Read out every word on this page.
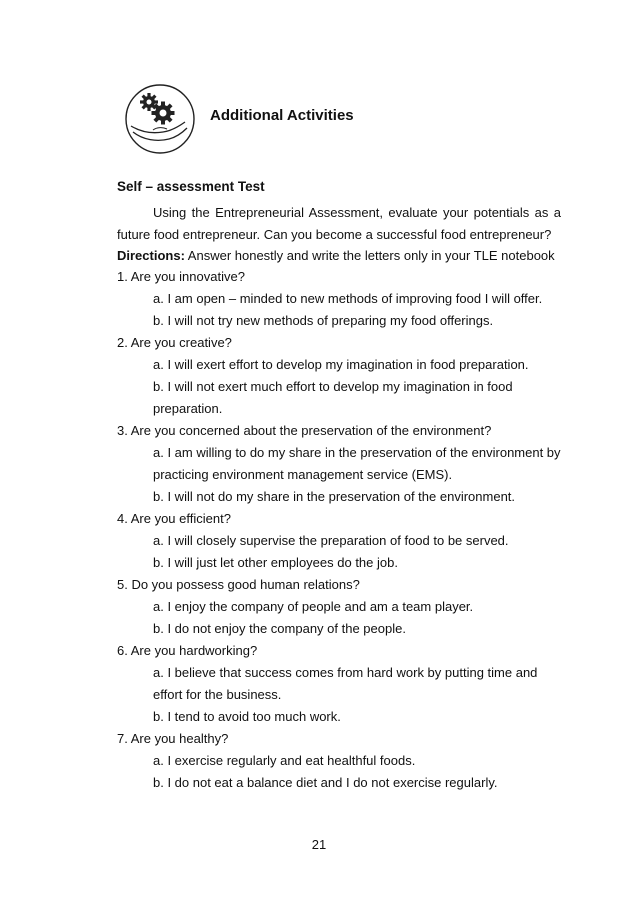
Additional Activities
Self – assessment Test

Using the Entrepreneurial Assessment, evaluate your potentials as a future food entrepreneur. Can you become a successful food entrepreneur?

Directions: Answer honestly and write the letters only in your TLE notebook
1. Are you innovative?
a. I am open – minded to new methods of improving food I will offer.
b. I will not try new methods of preparing my food offerings.
2. Are you creative?
a. I will exert effort to develop my imagination in food preparation.
b. I will not exert much effort to develop my imagination in food preparation.
3. Are you concerned about the preservation of the environment?
a. I am willing to do my share in the preservation of the environment by practicing environment management service (EMS).
b. I will not do my share in the preservation of the environment.
4. Are you efficient?
a. I will closely supervise the preparation of food to be served.
b. I will just let other employees do the job.
5. Do you possess good human relations?
a. I enjoy the company of people and am a team player.
b. I do not enjoy the company of the people.
6. Are you hardworking?
a. I believe that success comes from hard work by putting time and effort for the business.
b. I tend to avoid too much work.
7. Are you healthy?
a. I exercise regularly and eat healthful foods.
b. I do not eat a balance diet and I do not exercise regularly.
21
